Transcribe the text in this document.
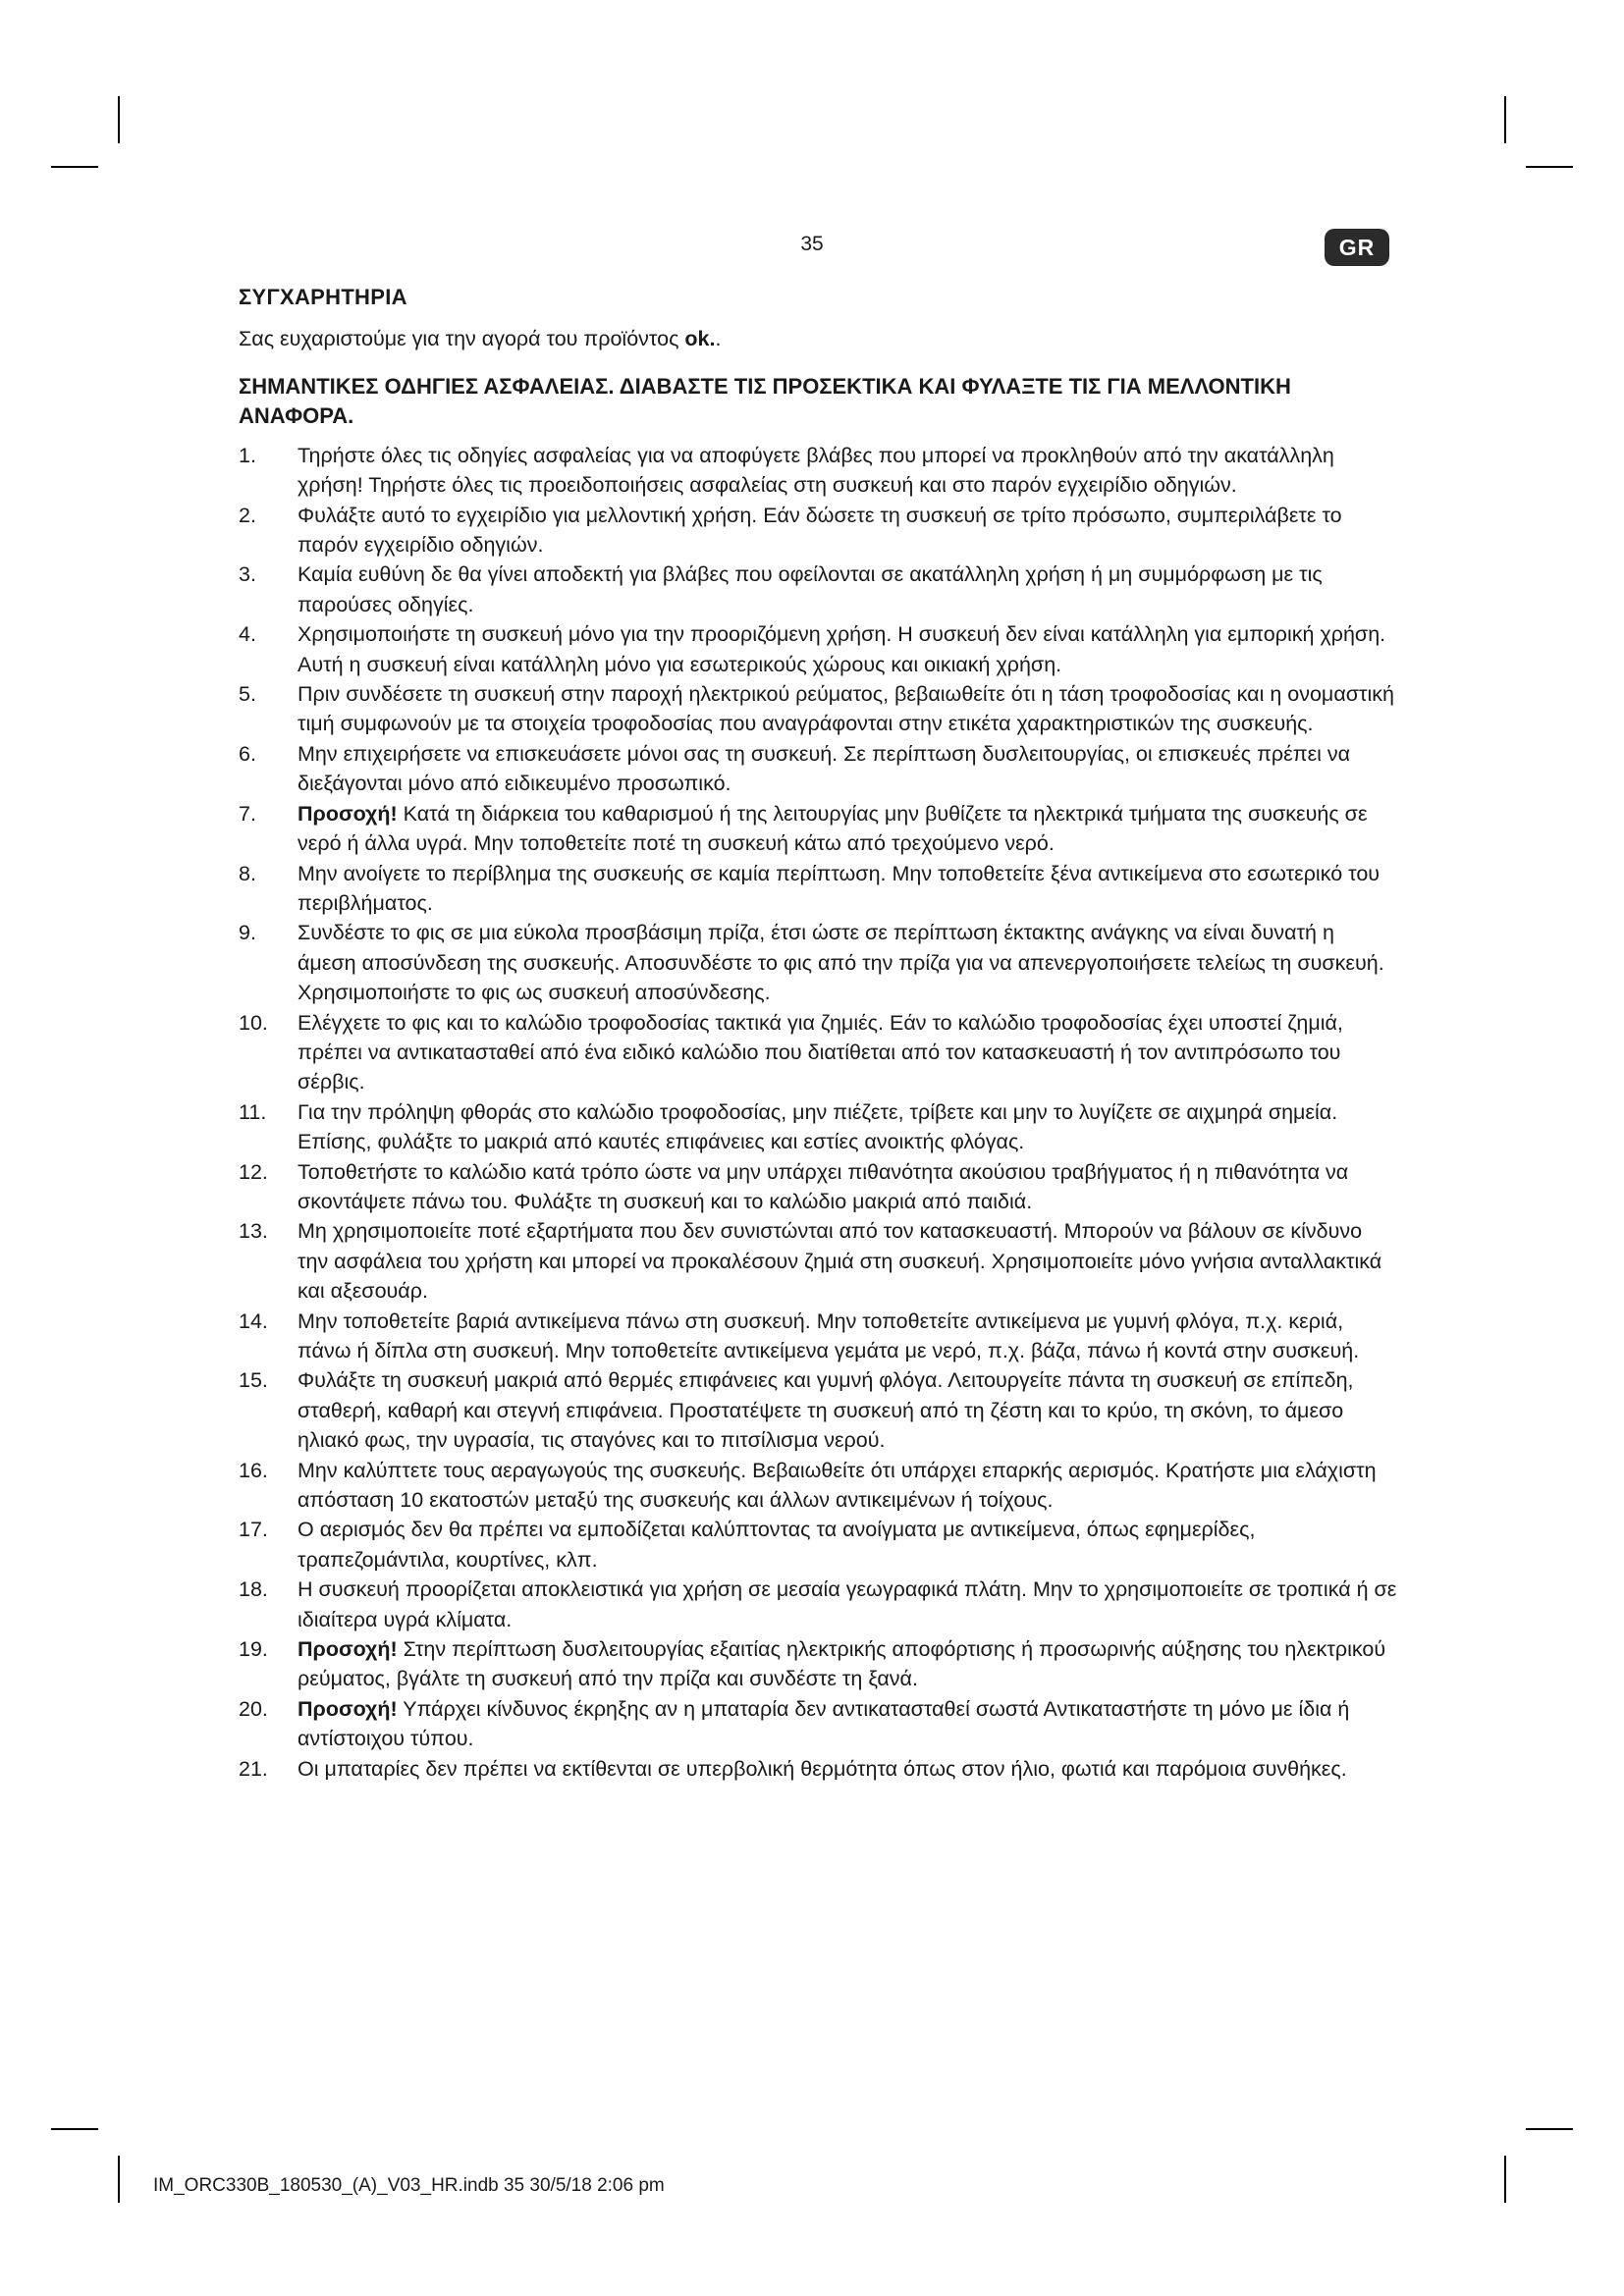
35	GR
ΣΥΓΧΑΡΗΤΗΡΙΑ

Σας ευχαριστούμε για την αγορά του προϊόντος ok..

ΣΗΜΑΝΤΙΚΕΣ ΟΔΗΓΙΕΣ ΑΣΦΑΛΕΙΑΣ. ΔΙΑΒΑΣΤΕ ΤΙΣ ΠΡΟΣΕΚΤΙΚΑ ΚΑΙ ΦΥΛΑΞΤΕ ΤΙΣ ΓΙΑ ΜΕΛΛΟΝΤΙΚΗ ΑΝΑΦΟΡΑ.
1.	Τηρήστε όλες τις οδηγίες ασφαλείας για να αποφύγετε βλάβες που μπορεί να προκληθούν από την ακατάλληλη χρήση! Τηρήστε όλες τις προειδοποιήσεις ασφαλείας στη συσκευή και στο παρόν εγχειρίδιο οδηγιών.
2.	Φυλάξτε αυτό το εγχειρίδιο για μελλοντική χρήση. Εάν δώσετε τη συσκευή σε τρίτο πρόσωπο, συμπεριλάβετε το παρόν εγχειρίδιο οδηγιών.
3.	Καμία ευθύνη δε θα γίνει αποδεκτή για βλάβες που οφείλονται σε ακατάλληλη χρήση ή μη συμμόρφωση με τις παρούσες οδηγίες.
4.	Χρησιμοποιήστε τη συσκευή μόνο για την προοριζόμενη χρήση. Η συσκευή δεν είναι κατάλληλη για εμπορική χρήση. Αυτή η συσκευή είναι κατάλληλη μόνο για εσωτερικούς χώρους και οικιακή χρήση.
5.	Πριν συνδέσετε τη συσκευή στην παροχή ηλεκτρικού ρεύματος, βεβαιωθείτε ότι η τάση τροφοδοσίας και η ονομαστική τιμή συμφωνούν με τα στοιχεία τροφοδοσίας που αναγράφονται στην ετικέτα χαρακτηριστικών της συσκευής.
6.	Μην επιχειρήσετε να επισκευάσετε μόνοι σας τη συσκευή. Σε περίπτωση δυσλειτουργίας, οι επισκευές πρέπει να διεξάγονται μόνο από ειδικευμένο προσωπικό.
7.	Προσοχή! Κατά τη διάρκεια του καθαρισμού ή της λειτουργίας μην βυθίζετε τα ηλεκτρικά τμήματα της συσκευής σε νερό ή άλλα υγρά. Μην τοποθετείτε ποτέ τη συσκευή κάτω από τρεχούμενο νερό.
8.	Μην ανοίγετε το περίβλημα της συσκευής σε καμία περίπτωση. Μην τοποθετείτε ξένα αντικείμενα στο εσωτερικό του περιβλήματος.
9.	Συνδέστε το φις σε μια εύκολα προσβάσιμη πρίζα, έτσι ώστε σε περίπτωση έκτακτης ανάγκης να είναι δυνατή η άμεση αποσύνδεση της συσκευής. Αποσυνδέστε το φις από την πρίζα για να απενεργοποιήσετε τελείως τη συσκευή. Χρησιμοποιήστε το φις ως συσκευή αποσύνδεσης.
10.	Ελέγχετε το φις και το καλώδιο τροφοδοσίας τακτικά για ζημιές. Εάν το καλώδιο τροφοδοσίας έχει υποστεί ζημιά, πρέπει να αντικατασταθεί από ένα ειδικό καλώδιο που διατίθεται από τον κατασκευαστή ή τον αντιπρόσωπο του σέρβις.
11.	Για την πρόληψη φθοράς στο καλώδιο τροφοδοσίας, μην πιέζετε, τρίβετε και μην το λυγίζετε σε αιχμηρά σημεία. Επίσης, φυλάξτε το μακριά από καυτές επιφάνειες και εστίες ανοικτής φλόγας.
12.	Τοποθετήστε το καλώδιο κατά τρόπο ώστε να μην υπάρχει πιθανότητα ακούσιου τραβήγματος ή η πιθανότητα να σκοντάψετε πάνω του. Φυλάξτε τη συσκευή και το καλώδιο μακριά από παιδιά.
13.	Μη χρησιμοποιείτε ποτέ εξαρτήματα που δεν συνιστώνται από τον κατασκευαστή. Μπορούν να βάλουν σε κίνδυνο την ασφάλεια του χρήστη και μπορεί να προκαλέσουν ζημιά στη συσκευή. Χρησιμοποιείτε μόνο γνήσια ανταλλακτικά και αξεσουάρ.
14.	Μην τοποθετείτε βαριά αντικείμενα πάνω στη συσκευή. Μην τοποθετείτε αντικείμενα με γυμνή φλόγα, π.χ. κεριά, πάνω ή δίπλα στη συσκευή. Μην τοποθετείτε αντικείμενα γεμάτα με νερό, π.χ. βάζα, πάνω ή κοντά στην συσκευή.
15.	Φυλάξτε τη συσκευή μακριά από θερμές επιφάνειες και γυμνή φλόγα. Λειτουργείτε πάντα τη συσκευή σε επίπεδη, σταθερή, καθαρή και στεγνή επιφάνεια. Προστατέψετε τη συσκευή από τη ζέστη και το κρύο, τη σκόνη, το άμεσο ηλιακό φως, την υγρασία, τις σταγόνες και το πιτσίλισμα νερού.
16.	Μην καλύπτετε τους αεραγωγούς της συσκευής. Βεβαιωθείτε ότι υπάρχει επαρκής αερισμός. Κρατήστε μια ελάχιστη απόσταση 10 εκατοστών μεταξύ της συσκευής και άλλων αντικειμένων ή τοίχους.
17.	Ο αερισμός δεν θα πρέπει να εμποδίζεται καλύπτοντας τα ανοίγματα με αντικείμενα, όπως εφημερίδες, τραπεζομάντιλα, κουρτίνες, κλπ.
18.	Η συσκευή προορίζεται αποκλειστικά για χρήση σε μεσαία γεωγραφικά πλάτη. Μην το χρησιμοποιείτε σε τροπικά ή σε ιδιαίτερα υγρά κλίματα.
19.	Προσοχή! Στην περίπτωση δυσλειτουργίας εξαιτίας ηλεκτρικής αποφόρτισης ή προσωρινής αύξησης του ηλεκτρικού ρεύματος, βγάλτε τη συσκευή από την πρίζα και συνδέστε τη ξανά.
20.	Προσοχή! Υπάρχει κίνδυνος έκρηξης αν η μπαταρία δεν αντικατασταθεί σωστά Αντικαταστήστε τη μόνο με ίδια ή αντίστοιχου τύπου.
21.	Οι μπαταρίες δεν πρέπει να εκτίθενται σε υπερβολική θερμότητα όπως στον ήλιο, φωτιά και παρόμοια συνθήκες.
IM_ORC330B_180530_(A)_V03_HR.indb 35 30/5/18 2:06 pm
